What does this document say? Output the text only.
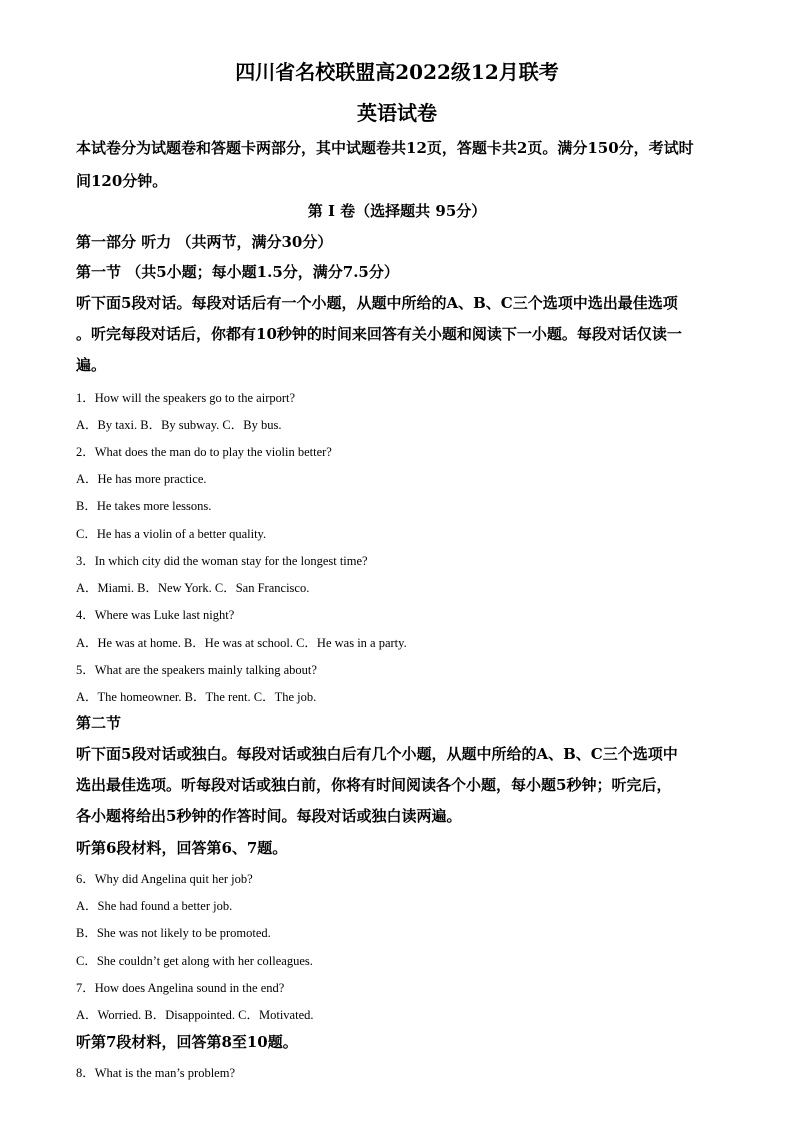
四川省名校联盟高2022级12月联考
英语试卷
本试卷分为试题卷和答题卡两部分，其中试题卷共12页，答题卡共2页。满分150分，考试时
间120分钟。
第 I 卷（选择题共 95分）
第一部分 听力 （共两节，满分30分）
第一节 （共5小题；每小题1.5分，满分7.5分）
听下面5段对话。每段对话后有一个小题，从题中所给的A、B、C三个选项中选出最佳选项
。听完每段对话后，你都有10秒钟的时间来回答有关小题和阅读下一小题。每段对话仅读一
遍。
1．How will the speakers go to the airport?
A．By taxi. B．By subway. C．By bus.
2．What does the man do to play the violin better?
A．He has more practice.
B．He takes more lessons.
C．He has a violin of a better quality.
3．In which city did the woman stay for the longest time?
A．Miami. B．New York. C．San Francisco.
4．Where was Luke last night?
A．He was at home. B．He was at school. C．He was in a party.
5．What are the speakers mainly talking about?
A．The homeowner. B．The rent. C．The job.
第二节
听下面5段对话或独白。每段对话或独白后有几个小题，从题中所给的A、B、C三个选项中
选出最佳选项。听每段对话或独白前，你将有时间阅读各个小题，每小题5秒钟；听完后，
各小题将给出5秒钟的作答时间。每段对话或独白读两遍。
听第6段材料，回答第6、7题。
6．Why did Angelina quit her job?
A．She had found a better job.
B．She was not likely to be promoted.
C．She couldn’t get along with her colleagues.
7．How does Angelina sound in the end?
A．Worried. B．Disappointed. C．Motivated.
听第7段材料，回答第8至10题。
8．What is the man’s problem?
